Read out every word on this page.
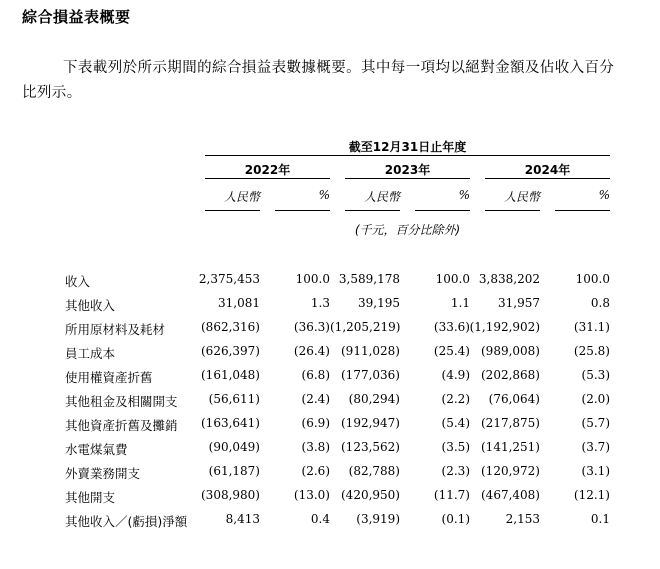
綜合損益表概要
下表載列於所示期間的綜合損益表數據概要。其中每一項均以絕對金額及佔收入百分比列示。
截至12月31日止年度
2022年	2023年	2024年
人民幣	%	人民幣	%	人民幣	%
(千元，百分比除外)
收入	2,375,453	100.0 3,589,178	100.0 3,838,202	100.0
其他收入	31,081	1.3	39,195	1.1	31,957	0.8
所用原材料及耗材	(862,316)	(36.3) (1,205,219)	(33.6) (1,192,902)	(31.1)
員工成本	(626,397)	(26.4) (911,028)	(25.4) (989,008)	(25.8)
使用權資產折舊	(161,048)	(6.8) (177,036)	(4.9) (202,868)	(5.3)
其他租金及相關開支	(56,611)	(2.4)	(80,294)	(2.2)	(76,064)	(2.0)
其他資產折舊及攤銷	(163,641)	(6.9) (192,947)	(5.4) (217,875)	(5.7)
水電煤氣費	(90,049)	(3.8) (123,562)	(3.5) (141,251)	(3.7)
外賣業務開支	(61,187)	(2.6)	(82,788)	(2.3) (120,972)	(3.1)
其他開支	(308,980)	(13.0) (420,950)	(11.7) (467,408)	(12.1)
其他收入／(虧損)淨額	8,413	0.4	(3,919)	(0.1)	2,153	0.1
